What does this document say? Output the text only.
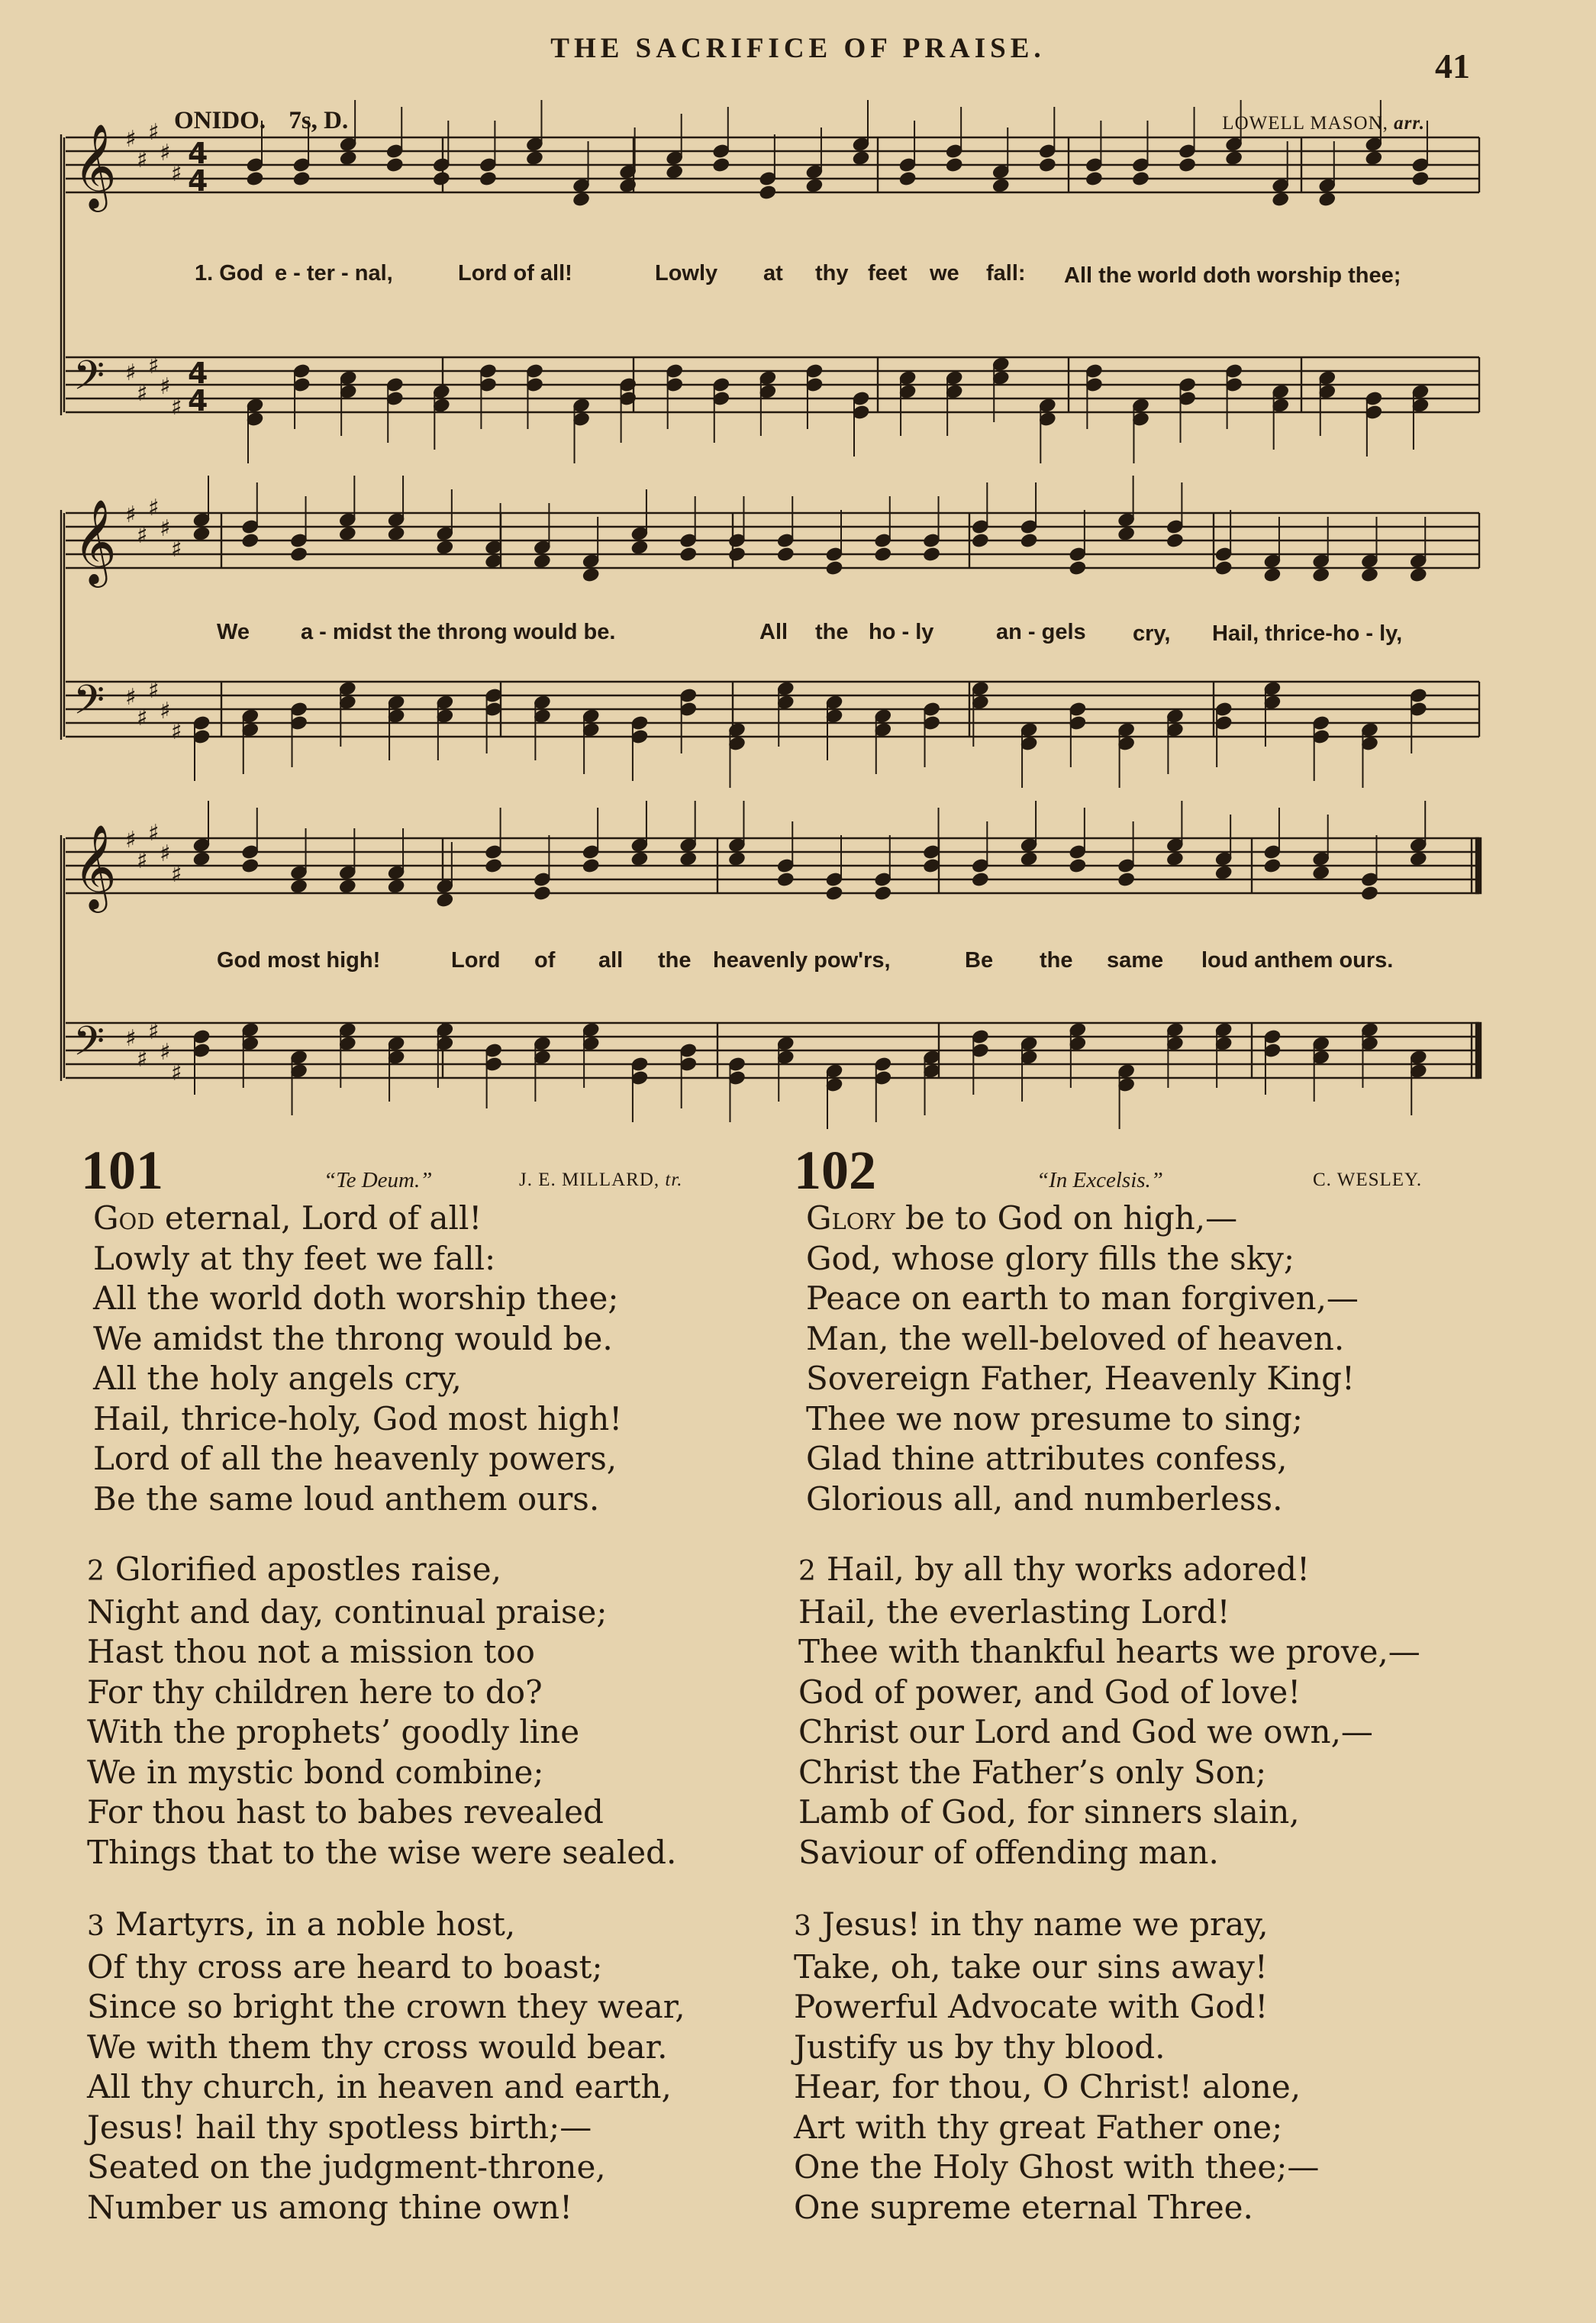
THE SACRIFICE OF PRAISE.	41
ONIDO. 7s, D.	LOWELL MASON, arr.
𝄞 ♯
♯
♯
♯
♯
4
4
𝄢 ♯
♯
♯
♯
♯
4
4
𝄞 ♯
♯
♯
♯
♯
𝄢 ♯
♯
♯
♯
♯
𝄞 ♯
♯
♯
♯
♯
𝄢 ♯
♯
♯
♯
♯
1. God e - ter - nal,	Lord of all!	Lowly at thy feet we fall: All the world doth worship thee;
We a - midst the throng would be.	All the ho - ly	an - gels cry, Hail, thrice-ho - ly,
God most high!	Lord of all the heavenly pow'rs,	Be the same loud anthem ours.
101	“Te Deum.”	J. E. MILLARD, tr. 102	“In Excelsis.”	C. WESLEY.
God eternal, Lord of all!
Lowly at thy feet we fall:
All the world doth worship thee;
We amidst the throng would be.
All the holy angels cry,
Hail, thrice-holy, God most high!
Lord of all the heavenly powers,
Be the same loud anthem ours.
2 Glorified apostles raise,
Night and day, continual praise;
Hast thou not a mission too
For thy children here to do?
With the prophets’ goodly line
We in mystic bond combine;
For thou hast to babes revealed
Things that to the wise were sealed.
3 Martyrs, in a noble host,
Of thy cross are heard to boast;
Since so bright the crown they wear,
We with them thy cross would bear.
All thy church, in heaven and earth,
Jesus! hail thy spotless birth;—
Seated on the judgment-throne,
Number us among thine own!
Glory be to God on high,—
God, whose glory fills the sky;
Peace on earth to man forgiven,—
Man, the well-beloved of heaven.
Sovereign Father, Heavenly King!
Thee we now presume to sing;
Glad thine attributes confess,
Glorious all, and numberless.
2 Hail, by all thy works adored!
Hail, the everlasting Lord!
Thee with thankful hearts we prove,—
God of power, and God of love!
Christ our Lord and God we own,—
Christ the Father’s only Son;
Lamb of God, for sinners slain,
Saviour of offending man.
3 Jesus! in thy name we pray,
Take, oh, take our sins away!
Powerful Advocate with God!
Justify us by thy blood.
Hear, for thou, O Christ! alone,
Art with thy great Father one;
One the Holy Ghost with thee;—
One supreme eternal Three.
